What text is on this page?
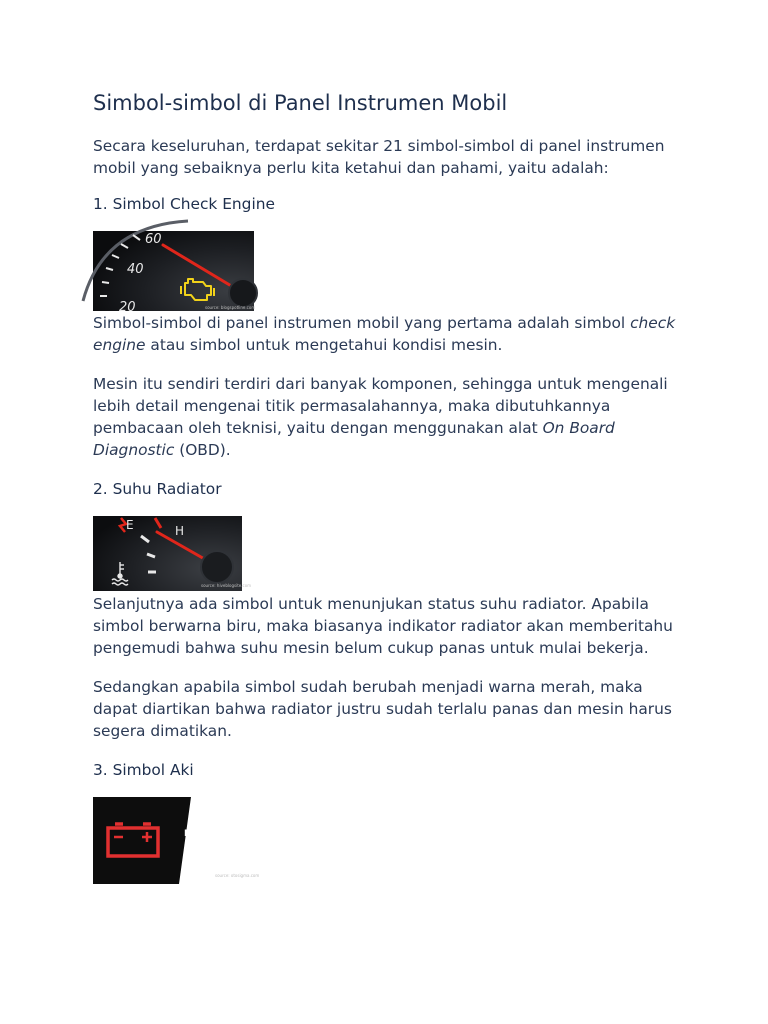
Simbol-simbol di Panel Instrumen Mobil

Secara keseluruhan, terdapat sekitar 21 simbol-simbol di panel instrumen mobil yang sebaiknya perlu kita ketahui dan pahami, yaitu adalah:

1. Simbol Check Engine
60
40
20	source: blogspotline.com

Simbol-simbol di panel instrumen mobil yang pertama adalah simbol check engine atau simbol untuk mengetahui kondisi mesin.

Mesin itu sendiri terdiri dari banyak komponen, sehingga untuk mengenali lebih detail mengenai titik permasalahannya, maka dibutuhkannya pembacaan oleh teknisi, yaitu dengan menggunakan alat On Board Diagnostic (OBD).

2. Suhu Radiator
E	H
source: hiveblogsite.com

Selanjutnya ada simbol untuk menunjukan status suhu radiator. Apabila simbol berwarna biru, maka biasanya indikator radiator akan memberitahu pengemudi bahwa suhu mesin belum cukup panas untuk mulai bekerja.

Sedangkan apabila simbol sudah berubah menjadi warna merah, maka dapat diartikan bahwa radiator justru sudah terlalu panas dan mesin harus segera dimatikan.

3. Simbol Aki
INDIKATOR MASALAH
BATERAI MOBIL
source: otosigma.com
